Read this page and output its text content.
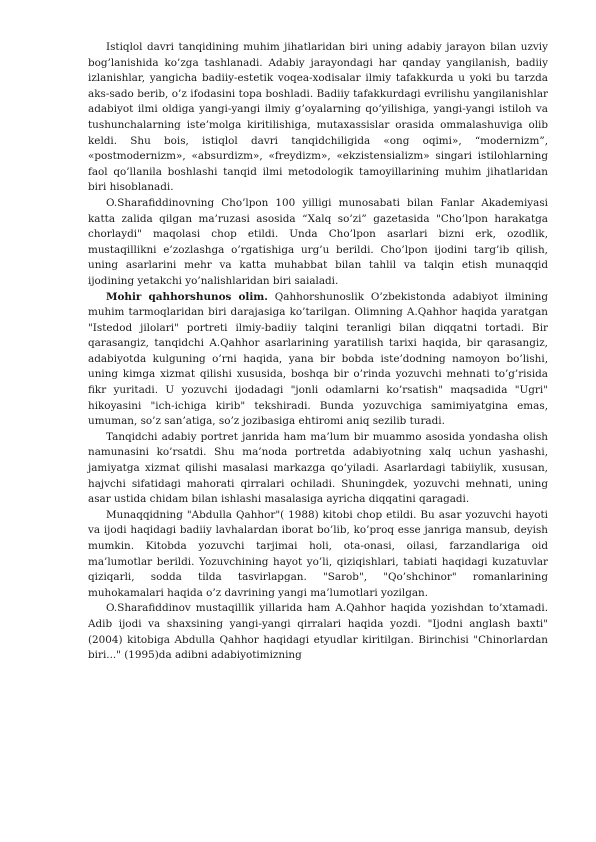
Istiqlol davri tanqidining muhim jihatlaridan biri uning adabiy jarayon bilan uzviy bog’lanishida ko’zga tashlanadi. Adabiy jarayondagi har qanday yangilanish, badiiy izlanishlar, yangicha badiiy-estetik voqea-xodisalar ilmiy tafakkurda u yoki bu tarzda aks-sado berib, o’z ifodasini topa boshladi. Badiiy tafakkurdagi evrilishu yangilanishlar adabiyot ilmi oldiga yangi-yangi ilmiy g’oyalarning qo’yilishiga, yangi-yangi istiloh va tushunchalarning iste’molga kiritilishiga, mutaxassislar orasida ommalashuviga olib keldi. Shu bois, istiqlol davri tanqidchiligida «ong oqimi», “modernizm”, «postmodernizm», «absurdizm», «freydizm», «ekzistensializm» singari istilohlarning faol qo’llanila boshlashi tanqid ilmi metodologik tamoyillarining muhim jihatlaridan biri hisoblanadi.

O.Sharafiddinovning Cho’lpon 100 yilligi munosabati bilan Fanlar Akademiyasi katta zalida qilgan ma’ruzasi asosida “Xalq so’zi” gazetasida "Cho’lpon harakatga chorlaydi" maqolasi chop etildi. Unda Cho’lpon asarlari bizni erk, ozodlik, mustaqillikni e’zozlashga o’rgatishiga urg’u berildi. Cho’lpon ijodini targ’ib qilish, uning asarlarini mehr va katta muhabbat bilan tahlil va talqin etish munaqqid ijodining yetakchi yo’nalishlaridan biri saialadi.

Mohir qahhorshunos olim. Qahhorshunoslik O’zbekistonda adabiyot ilmining muhim tarmoqlaridan biri darajasiga ko’tarilgan. Olimning A.Qahhor haqida yaratgan "Istedod jilolari" portreti ilmiy-badiiy talqini teranligi bilan diqqatni tortadi. Bir qarasangiz, tanqidchi A.Qahhor asarlarining yaratilish tarixi haqida, bir qarasangiz, adabiyotda kulguning o’rni haqida, yana bir bobda iste’dodning namoyon bo’lishi, uning kimga xizmat qilishi xususida, boshqa bir o’rinda yozuvchi mehnati to’g’risida fikr yuritadi. U yozuvchi ijodadagi "jonli odamlarni ko’rsatish" maqsadida "Ugri" hikoyasini "ich-ichiga kirib" tekshiradi. Bunda yozuvchiga samimiyatgina emas, umuman, so’z san’atiga, so’z jozibasiga ehtiromi aniq sezilib turadi.

Tanqidchi adabiy portret janrida ham ma’lum bir muammo asosida yondasha olish namunasini ko’rsatdi. Shu ma’noda portretda adabiyotning xalq uchun yashashi, jamiyatga xizmat qilishi masalasi markazga qo’yiladi. Asarlardagi tabiiylik, xususan, hajvchi sifatidagi mahorati qirralari ochiladi. Shuningdek, yozuvchi mehnati, uning asar ustida chidam bilan ishlashi masalasiga ayricha diqqatini qaragadi.

Munaqqidning "Abdulla Qahhor"( 1988) kitobi chop etildi. Bu asar yozuvchi hayoti va ijodi haqidagi badiiy lavhalardan iborat bo’lib, ko’proq esse janriga mansub, deyish mumkin. Kitobda yozuvchi tarjimai holi, ota-onasi, oilasi, farzandlariga oid ma’lumotlar berildi. Yozuvchining hayot yo’li, qiziqishlari, tabiati haqidagi kuzatuvlar qiziqarli, sodda tilda tasvirlapgan. "Sarob", "Qo’shchinor" romanlarining muhokamalari haqida o’z davrining yangi ma’lumotlari yozilgan.

O.Sharafiddinov mustaqillik yillarida ham A.Qahhor haqida yozishdan to’xtamadi. Adib ijodi va shaxsining yangi-yangi qirralari haqida yozdi. "Ijodni anglash baxti" (2004) kitobiga Abdulla Qahhor haqidagi etyudlar kiritilgan. Birinchisi "Chinorlardan biri..." (1995)da adibni adabiyotimizning
